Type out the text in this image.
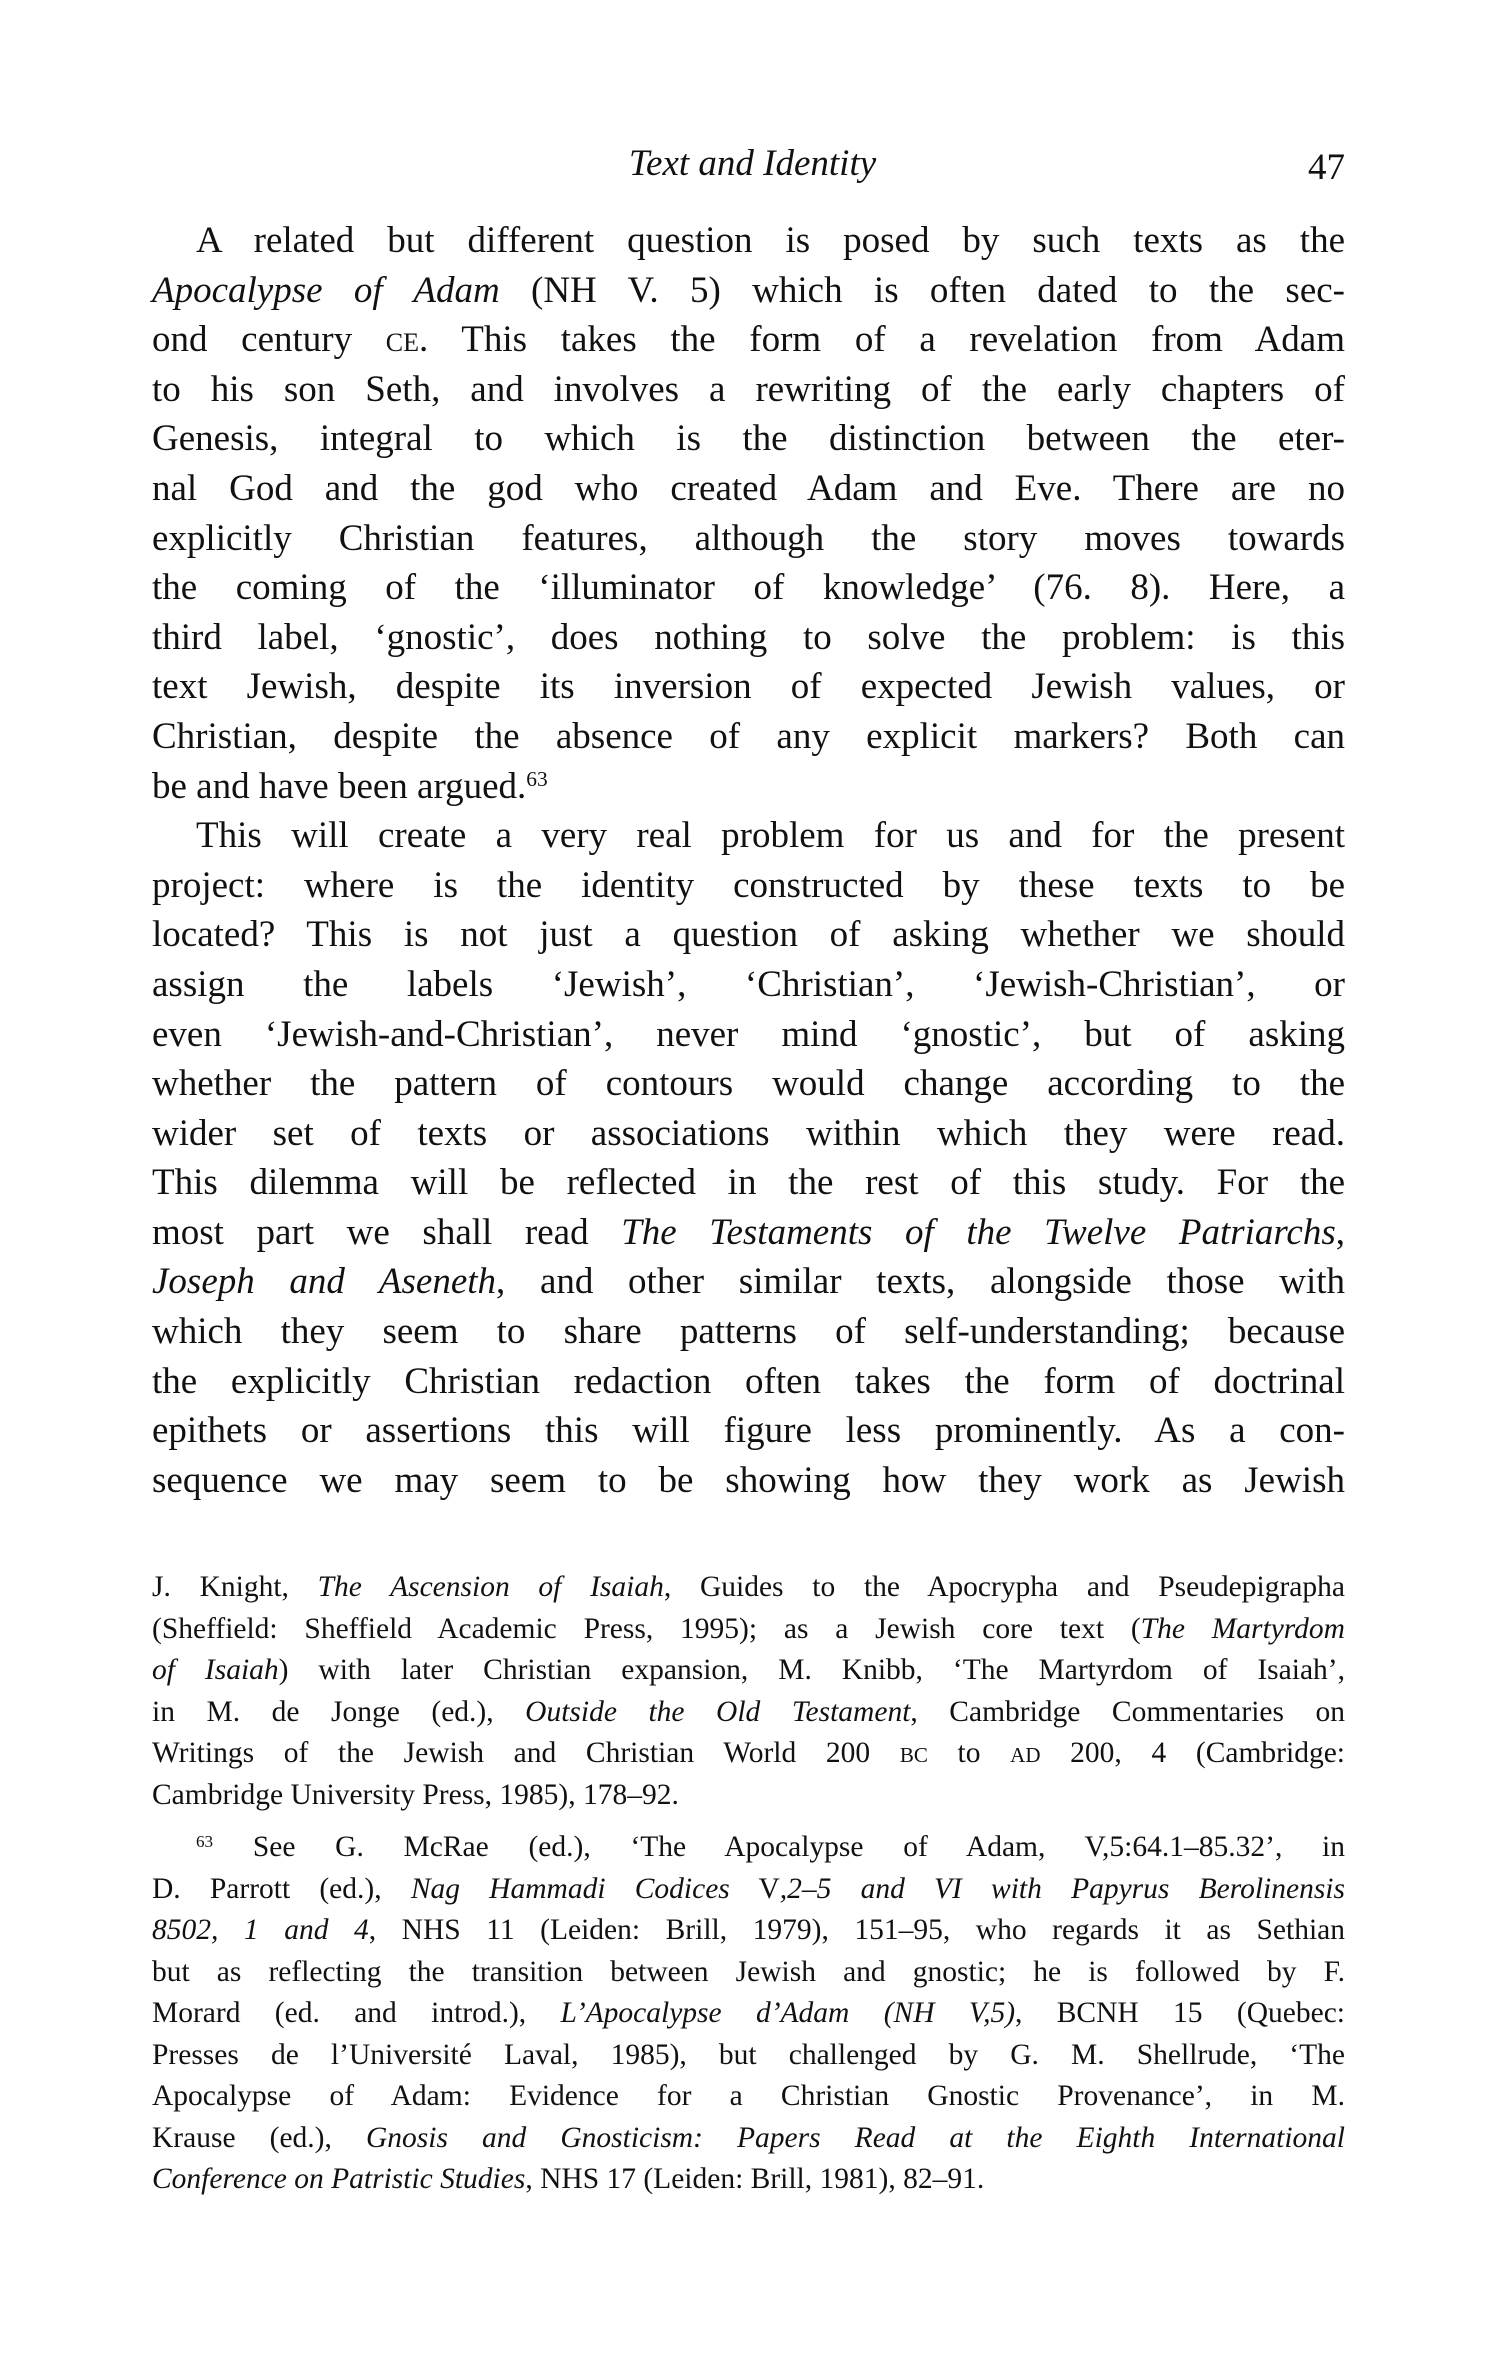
Text and Identity	47
A related but different question is posed by such texts as the
Apocalypse of Adam (NH V. 5) which is often dated to the sec-
ond century ce. This takes the form of a revelation from Adam
to his son Seth, and involves a rewriting of the early chapters of
Genesis, integral to which is the distinction between the eter-
nal God and the god who created Adam and Eve. There are no
explicitly Christian features, although the story moves towards
the coming of the ‘illuminator of knowledge’ (76. 8). Here, a
third label, ‘gnostic’, does nothing to solve the problem: is this
text Jewish, despite its inversion of expected Jewish values, or
Christian, despite the absence of any explicit markers? Both can
be and have been argued.$^{63}$
This will create a very real problem for us and for the present
project: where is the identity constructed by these texts to be
located? This is not just a question of asking whether we should
assign the labels ‘Jewish’, ‘Christian’, ‘Jewish-Christian’, or
even ‘Jewish-and-Christian’, never mind ‘gnostic’, but of asking
whether the pattern of contours would change according to the
wider set of texts or associations within which they were read.
This dilemma will be reflected in the rest of this study. For the
most part we shall read The Testaments of the Twelve Patriarchs,
Joseph and Aseneth, and other similar texts, alongside those with
which they seem to share patterns of self-understanding; because
the explicitly Christian redaction often takes the form of doctrinal
epithets or assertions this will figure less prominently. As a con-
sequence we may seem to be showing how they work as Jewish
J. Knight, The Ascension of Isaiah, Guides to the Apocrypha and Pseudepigrapha
(Sheffield: Sheffield Academic Press, 1995); as a Jewish core text (The Martyrdom
of Isaiah) with later Christian expansion, M. Knibb, ‘The Martyrdom of Isaiah’,
in M. de Jonge (ed.), Outside the Old Testament, Cambridge Commentaries on
Writings of the Jewish and Christian World 200 bc to ad 200, 4 (Cambridge:
Cambridge University Press, 1985), 178–92.
$^{63}$ See G. McRae (ed.), ‘The Apocalypse of Adam, V,5:64.1–85.32’, in
D. Parrott (ed.), Nag Hammadi Codices V,2–5 and VI with Papyrus Berolinensis
8502, 1 and 4, NHS 11 (Leiden: Brill, 1979), 151–95, who regards it as Sethian
but as reflecting the transition between Jewish and gnostic; he is followed by F.
Morard (ed. and introd.), L’Apocalypse d’Adam (NH V,5), BCNH 15 (Quebec:
Presses de l’Université Laval, 1985), but challenged by G. M. Shellrude, ‘The
Apocalypse of Adam: Evidence for a Christian Gnostic Provenance’, in M.
Krause (ed.), Gnosis and Gnosticism: Papers Read at the Eighth International
Conference on Patristic Studies, NHS 17 (Leiden: Brill, 1981), 82–91.
